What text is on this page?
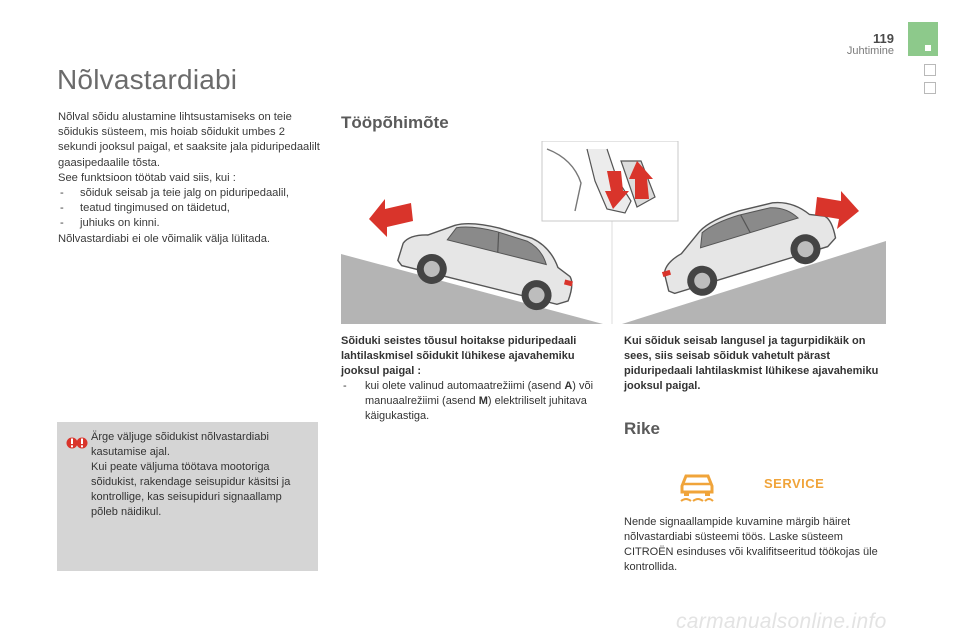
119
Juhtimine
Nõlvastardiabi

Nõlval sõidu alustamine lihtsustamiseks on teie sõidukis süsteem, mis hoiab sõidukit umbes 2 sekundi jooksul paigal, et saaksite jala piduripedaalilt gaasipedaalile tõsta.

See funktsioon töötab vaid siis, kui :

- sõiduk seisab ja teie jalg on piduripedaalil,

- teatud tingimused on täidetud,

- juhiuks on kinni.

Nõlvastardiabi ei ole võimalik välja lülitada.

Ärge väljuge sõidukist nõlvastardiabi kasutamise ajal.

Kui peate väljuma töötava mootoriga sõidukist, rakendage seisupidur käsitsi ja kontrollige, kas seisupiduri signaallamp põleb näidikul.

Tööpõhimõte

Sõiduki seistes tõusul hoitakse piduripedaali lahtilaskmisel sõidukit lühikese ajavahemiku jooksul paigal :

- kui olete valinud automaatrežiimi (asend A) või manuaalrežiimi (asend M) elektriliselt juhitava käigukastiga.

Kui sõiduk seisab langusel ja tagurpidikäik on sees, siis seisab sõiduk vahetult pärast piduripedaali lahtilaskmist lühikese ajavahemiku jooksul paigal.
Rike
SERVICE
Nende signaallampide kuvamine märgib häiret nõlvastardiabi süsteemi töös. Laske süsteem CITROËN esinduses või kvalifitseeritud töökojas üle kontrollida.
carmanualsonline.info
